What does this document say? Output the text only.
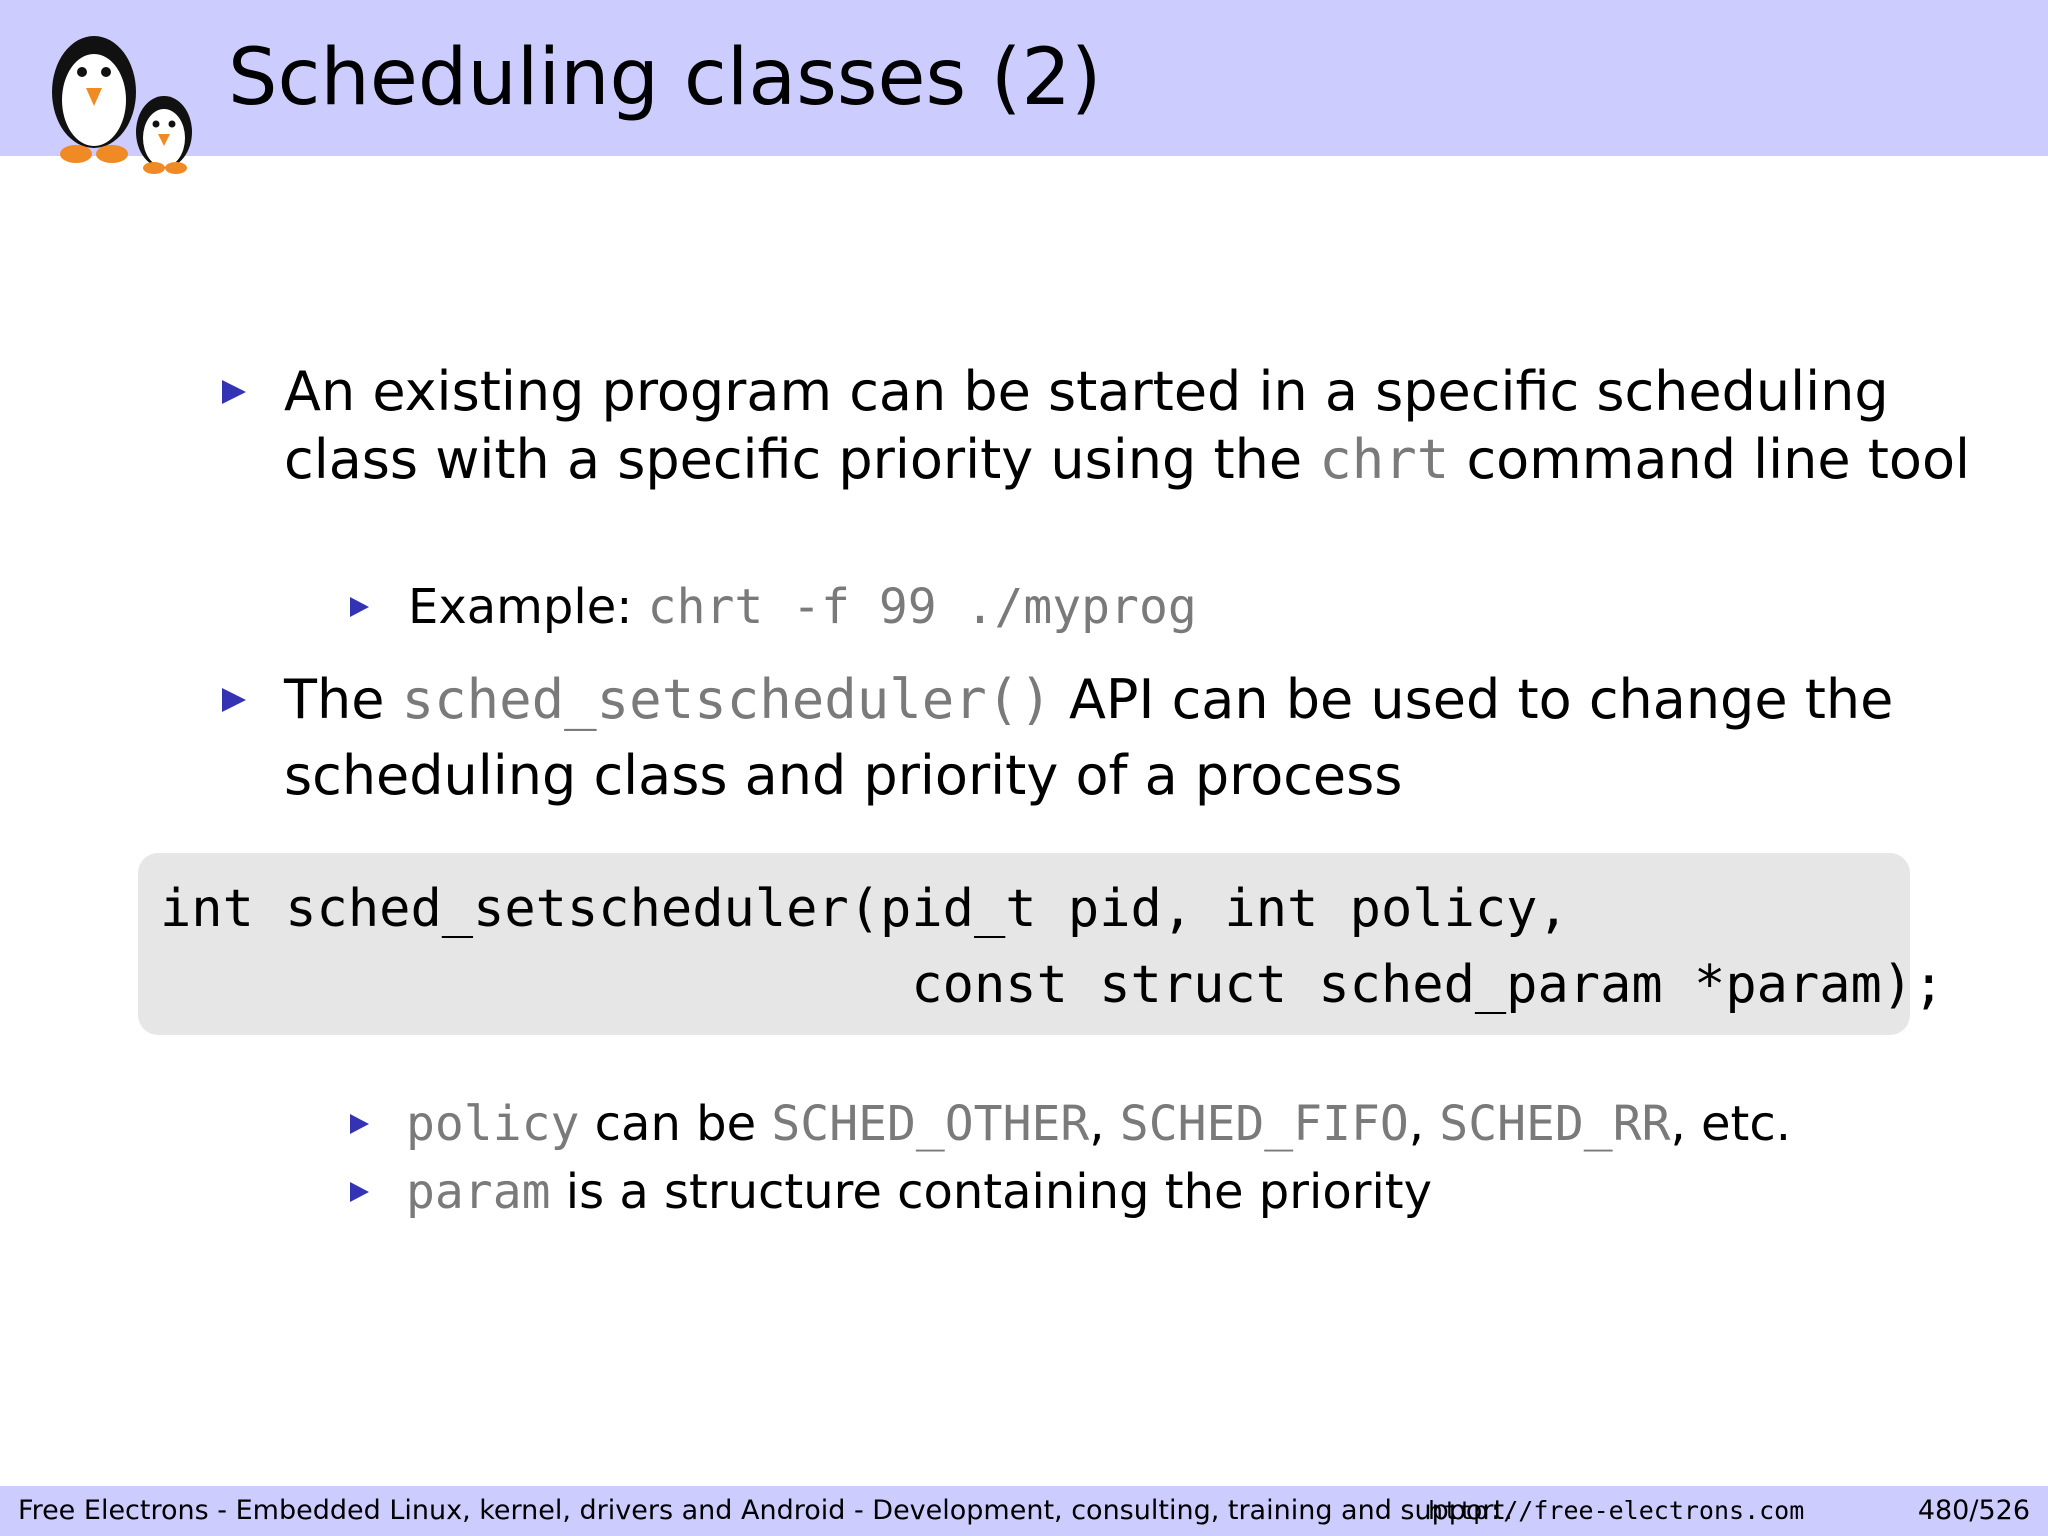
Scheduling classes (2)
An existing program can be started in a specific scheduling
class with a specific priority using the chrt command line tool
Example: chrt -f 99 ./myprog
The sched_setscheduler() API can be used to change the
scheduling class and priority of a process
int sched_setscheduler(pid_t pid, int policy,
const struct sched_param *param);
policy can be SCHED_OTHER, SCHED_FIFO, SCHED_RR, etc.
param is a structure containing the priority
Free Electrons - Embedded Linux, kernel, drivers and Android - Development, consulting, training and support.
http://free-electrons.com	480/526
